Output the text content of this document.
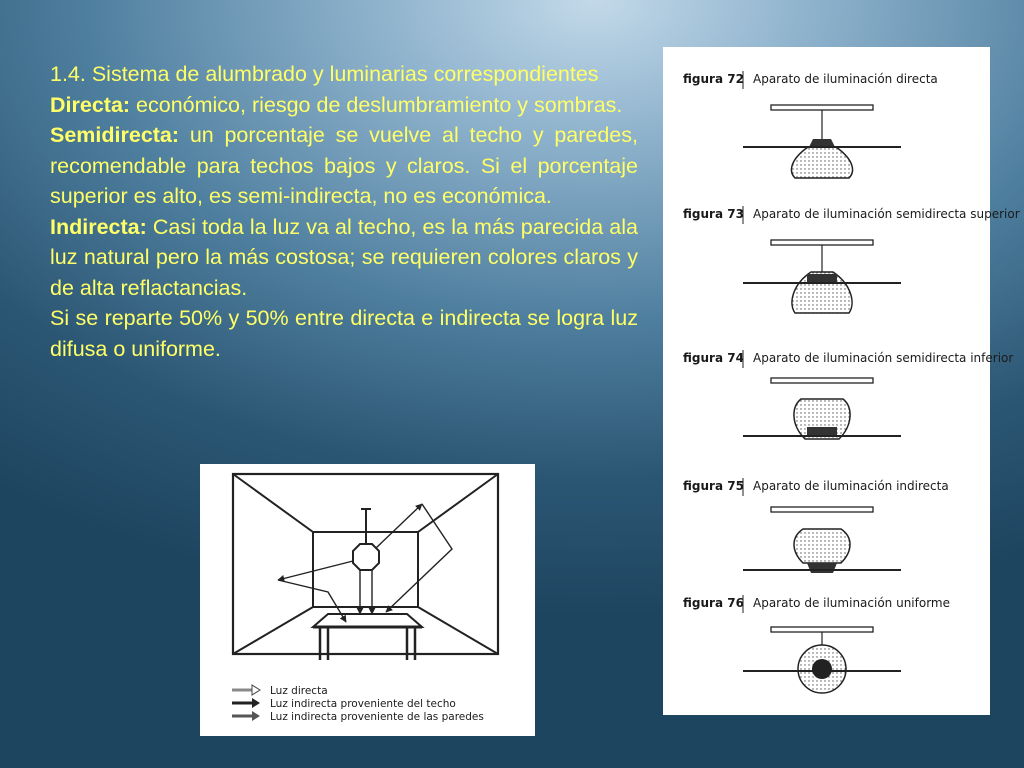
1.4. Sistema de alumbrado y luminarias correspondientes

Directa: económico, riesgo de deslumbramiento y sombras.

Semidirecta: un porcentaje se vuelve al techo y paredes, recomendable para techos bajos y claros. Si el porcentaje superior es alto, es semi-indirecta, no es económica.

Indirecta: Casi toda la luz va al techo, es la más parecida ala luz natural pero la más costosa; se requieren colores claros y de alta reflactancias.

Si se reparte 50% y 50% entre directa e indirecta se logra luz difusa o uniforme.

Luz directa
Luz indirecta proveniente del techo
Luz indirecta proveniente de las paredes
figura 72 Aparato de iluminación directa
figura 73 Aparato de iluminación semidirecta superior
figura 74 Aparato de iluminación semidirecta inferior
figura 75 Aparato de iluminación indirecta
figura 76 Aparato de iluminación uniforme
